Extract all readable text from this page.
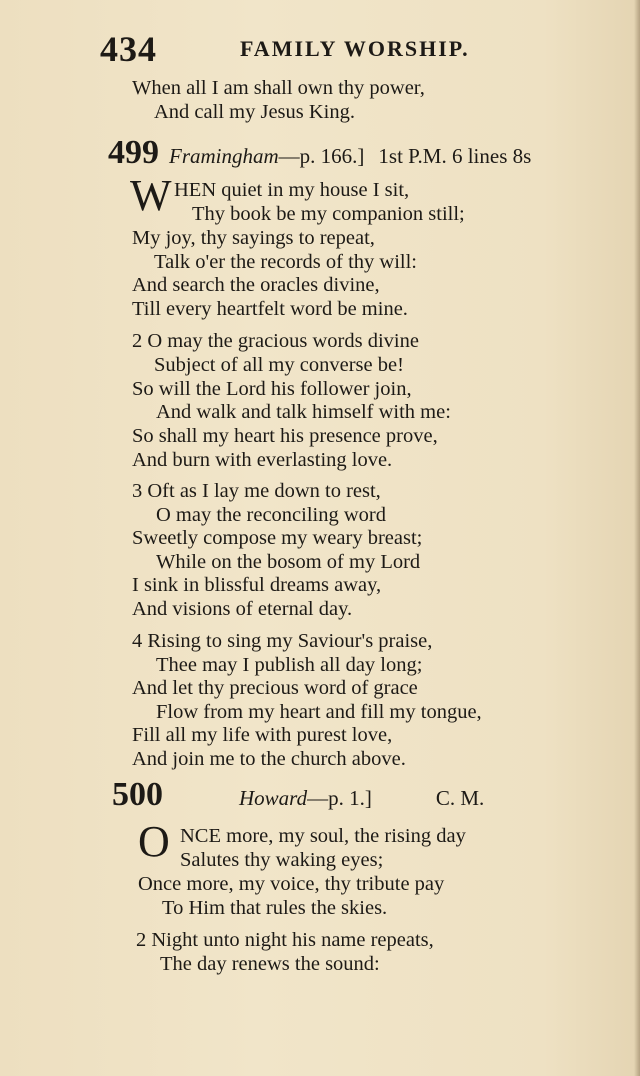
434	FAMILY WORSHIP.
When all I am shall own thy power,
And call my Jesus King.
499 Framingham—p. 166.] 1st P.M. 6 lines 8s
W HEN quiet in my house I sit,
Thy book be my companion still;
My joy, thy sayings to repeat,
Talk o'er the records of thy will:
And search the oracles divine,
Till every heartfelt word be mine.
2 O may the gracious words divine
Subject of all my converse be!
So will the Lord his follower join,
And walk and talk himself with me:
So shall my heart his presence prove,
And burn with everlasting love.
3 Oft as I lay me down to rest,
O may the reconciling word
Sweetly compose my weary breast;
While on the bosom of my Lord
I sink in blissful dreams away,
And visions of eternal day.
4 Rising to sing my Saviour's praise,
Thee may I publish all day long;
And let thy precious word of grace
Flow from my heart and fill my tongue,
Fill all my life with purest love,
And join me to the church above.
500	Howard—p. 1.]	C. M.
O NCE more, my soul, the rising day
Salutes thy waking eyes;
Once more, my voice, thy tribute pay
To Him that rules the skies.
2 Night unto night his name repeats,
The day renews the sound:
